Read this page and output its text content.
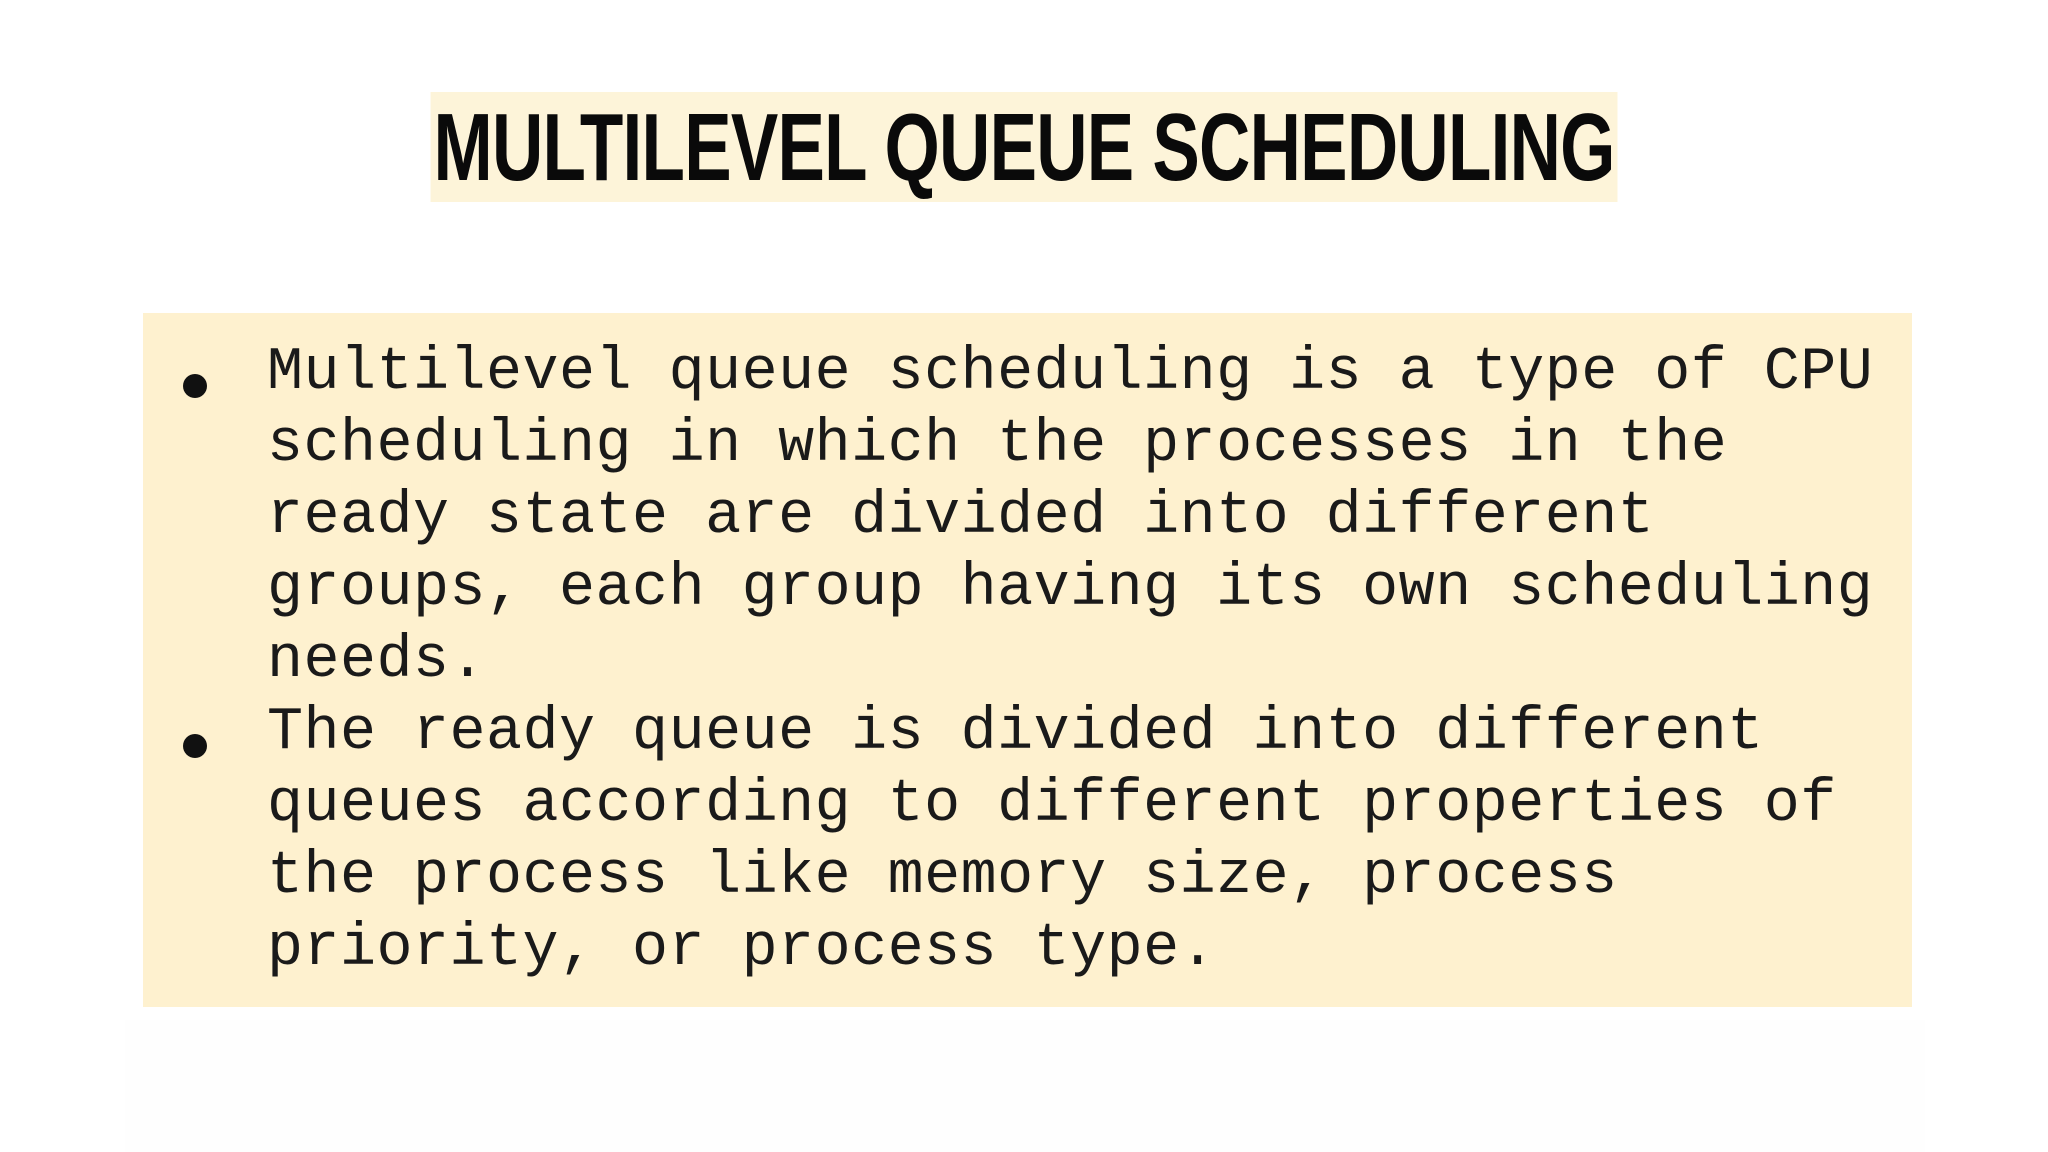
MULTILEVEL QUEUE SCHEDULING
Multilevel queue scheduling is a type of CPU
scheduling in which the processes in the
ready state are divided into different
groups, each group having its own scheduling
needs.
The ready queue is divided into different
queues according to different properties of
the process like memory size, process
priority, or process type.
